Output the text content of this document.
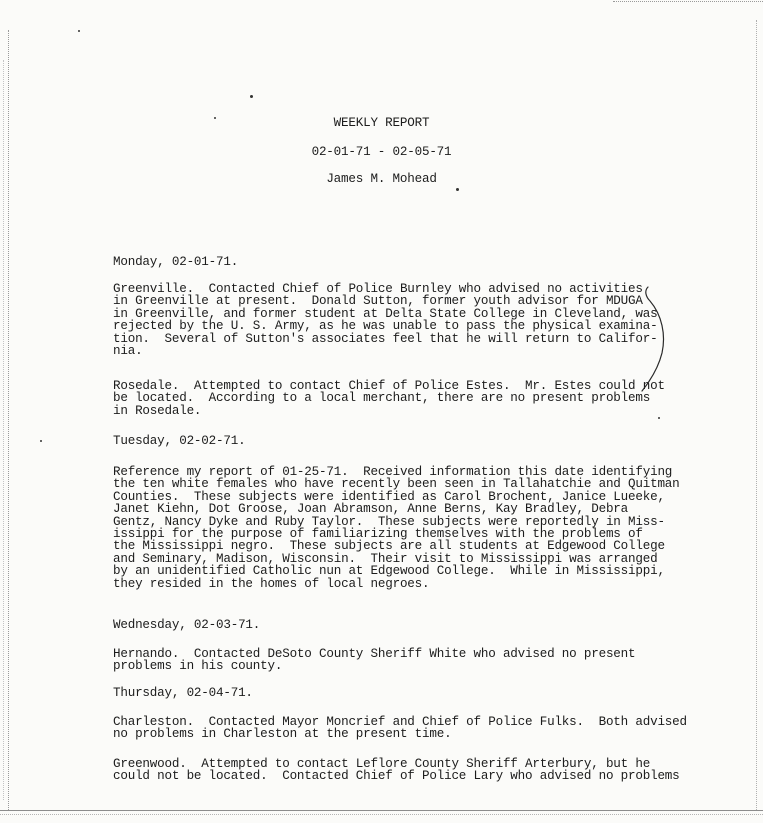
WEEKLY REPORT
02-01-71 - 02-05-71
James M. Mohead
Monday, 02-01-71.
Greenville.  Contacted Chief of Police Burnley who advised no activities
in Greenville at present.  Donald Sutton, former youth advisor for MDUGA
in Greenville, and former student at Delta State College in Cleveland, was
rejected by the U. S. Army, as he was unable to pass the physical examina-
tion.  Several of Sutton's associates feel that he will return to Califor-
nia.
Rosedale.  Attempted to contact Chief of Police Estes.  Mr. Estes could not
be located.  According to a local merchant, there are no present problems
in Rosedale.
Tuesday, 02-02-71.
Reference my report of 01-25-71.  Received information this date identifying
the ten white females who have recently been seen in Tallahatchie and Quitman
Counties.  These subjects were identified as Carol Brochent, Janice Lueeke,
Janet Kiehn, Dot Groose, Joan Abramson, Anne Berns, Kay Bradley, Debra
Gentz, Nancy Dyke and Ruby Taylor.  These subjects were reportedly in Miss-
issippi for the purpose of familiarizing themselves with the problems of
the Mississippi negro.  These subjects are all students at Edgewood College
and Seminary, Madison, Wisconsin.  Their visit to Mississippi was arranged
by an unidentified Catholic nun at Edgewood College.  While in Mississippi,
they resided in the homes of local negroes.
Wednesday, 02-03-71.
Hernando.  Contacted DeSoto County Sheriff White who advised no present
problems in his county.
Thursday, 02-04-71.
Charleston.  Contacted Mayor Moncrief and Chief of Police Fulks.  Both advised
no problems in Charleston at the present time.
Greenwood.  Attempted to contact Leflore County Sheriff Arterbury, but he
could not be located.  Contacted Chief of Police Lary who advised no problems
